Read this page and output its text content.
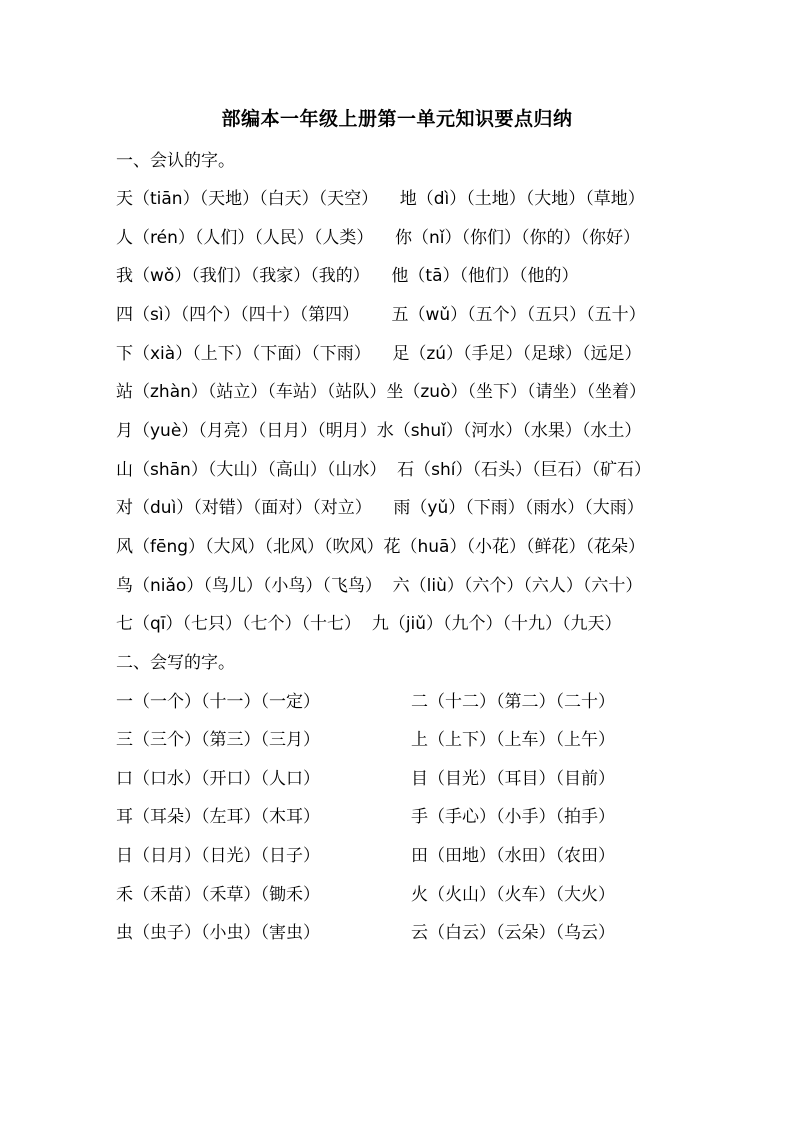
部编本一年级上册第一单元知识要点归纳
一、会认的字。
天（tiān）（天地）（白天）（天空）    地（dì）（土地）（大地）（草地）
人（rén）（人们）（人民）（人类）    你（nǐ）（你们）（你的）（你好）
我（wǒ）（我们）（我家）（我的）    他（tā）（他们）（他的）
四（sì）（四个）（四十）（第四）      五（wǔ）（五个）（五只）（五十）
下（xià）（上下）（下面）（下雨）    足（zú）（手足）（足球）（远足）
站（zhàn）（站立）（车站）（站队）坐（zuò）（坐下）（请坐）（坐着）
月（yuè）（月亮）（日月）（明月）水（shuǐ）（河水）（水果）（水土）
山（shān）（大山）（高山）（山水）  石（shí）（石头）（巨石）（矿石）
对（duì）（对错）（面对）（对立）    雨（yǔ）（下雨）（雨水）（大雨）
风（fēng）（大风）（北风）（吹风）花（huā）（小花）（鲜花）（花朵）
鸟（niǎo）（鸟儿）（小鸟）（飞鸟）  六（liù）（六个）（六人）（六十）
七（qī）（七只）（七个）（十七）  九（jiǔ）（九个）（十九）（九天）
二、会写的字。
一（一个）（十一）（一定）	二（十二）（第二）（二十）
三（三个）（第三）（三月）	上（上下）（上车）（上午）
口（口水）（开口）（人口）	目（目光）（耳目）（目前）
耳（耳朵）（左耳）（木耳）	手（手心）（小手）（拍手）
日（日月）（日光）（日子）	田（田地）（水田）（农田）
禾（禾苗）（禾草）（锄禾）	火（火山）（火车）（大火）
虫（虫子）（小虫）（害虫）	云（白云）（云朵）（乌云）
